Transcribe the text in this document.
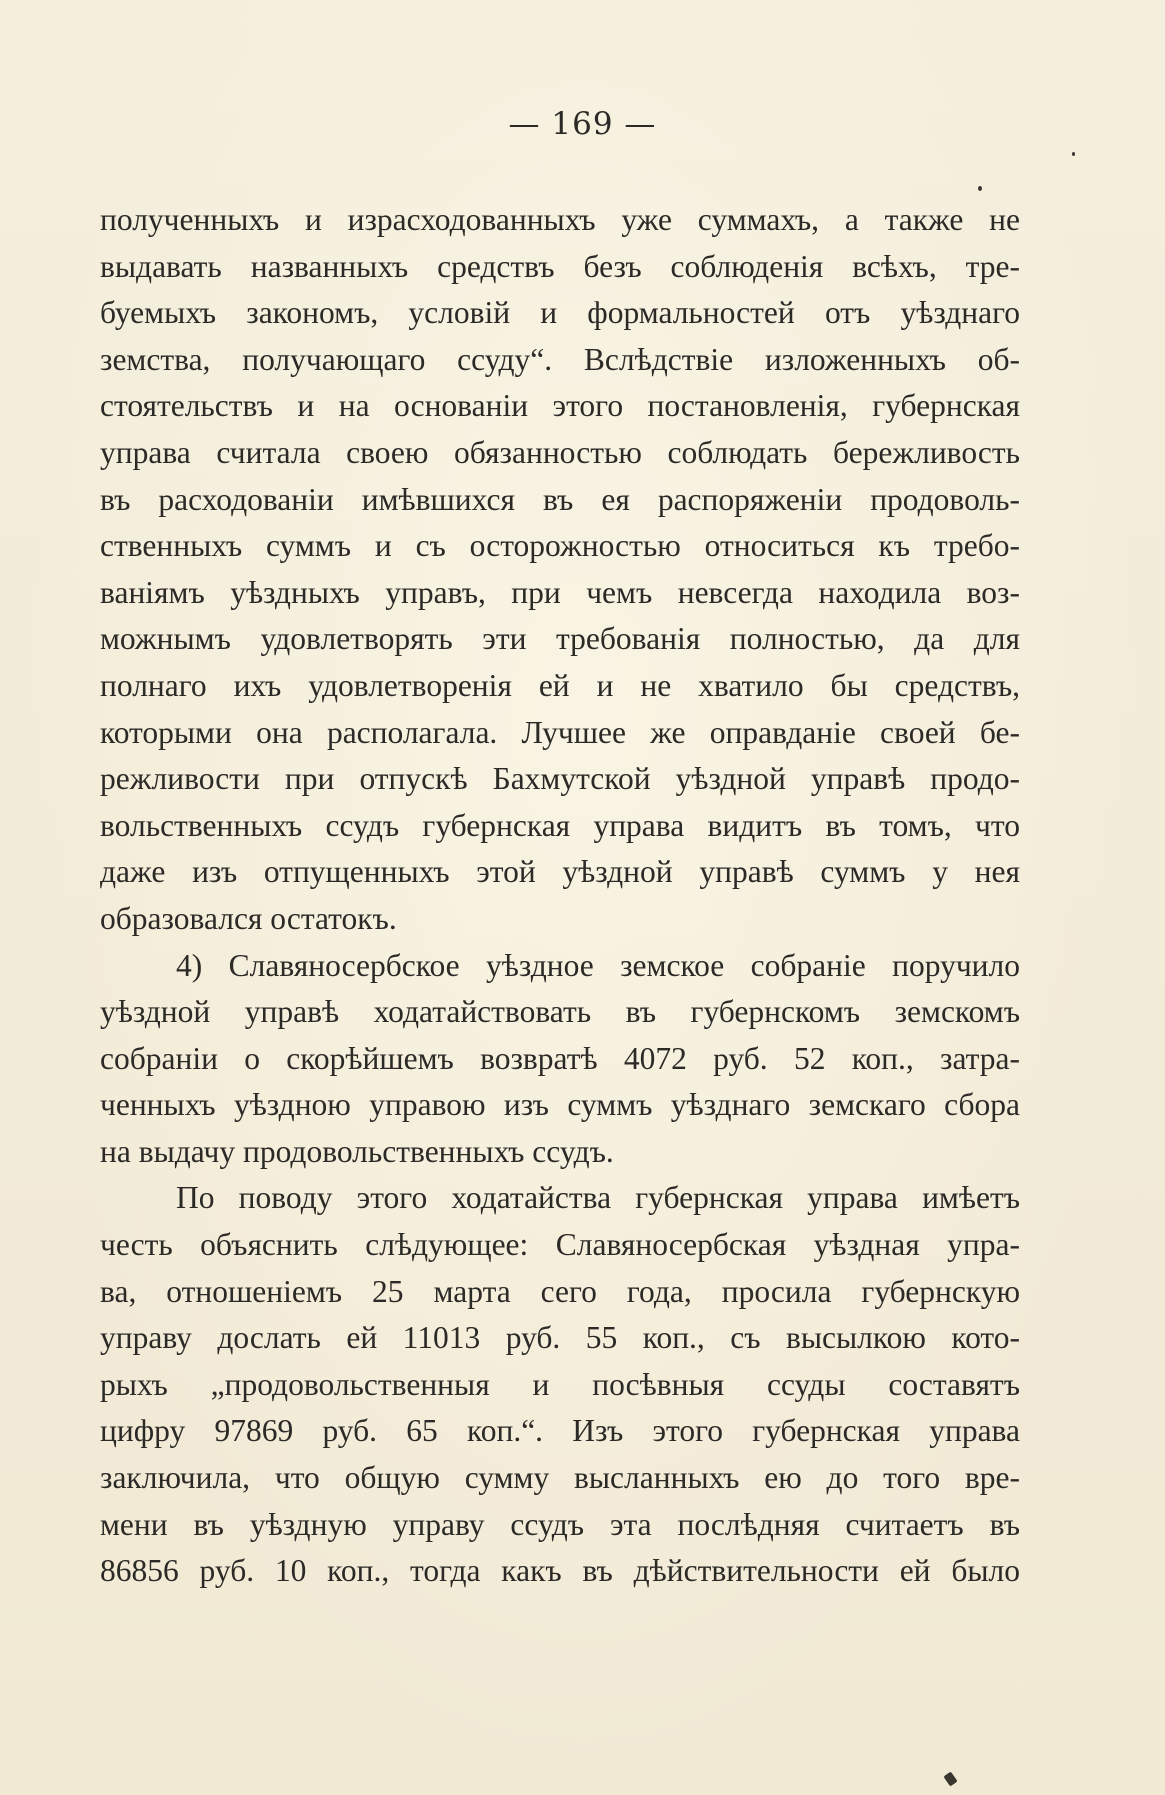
— 169 —
полученныхъ и израсходованныхъ уже суммахъ, а также не
выдавать названныхъ средствъ безъ соблюденія всѣхъ, тре-
буемыхъ закономъ, условій и формальностей отъ уѣзднаго
земства, получающаго ссуду“. Вслѣдствіе изложенныхъ об-
стоятельствъ и на основаніи этого постановленія, губернская
управа считала своею обязанностью соблюдать бережливость
въ расходованіи имѣвшихся въ ея распоряженіи продоволь-
ственныхъ суммъ и съ осторожностью относиться къ требо-
ваніямъ уѣздныхъ управъ, при чемъ невсегда находила воз-
можнымъ удовлетворять эти требованія полностью, да для
полнаго ихъ удовлетворенія ей и не хватило бы средствъ,
которыми она располагала. Лучшее же оправданіе своей бе-
режливости при отпускѣ Бахмутской уѣздной управѣ продо-
вольственныхъ ссудъ губернская управа видитъ въ томъ, что
даже изъ отпущенныхъ этой уѣздной управѣ суммъ у нея
образовался остатокъ.
4) Славяносербское уѣздное земское собраніе поручило
уѣздной управѣ ходатайствовать въ губернскомъ земскомъ
собраніи о скорѣйшемъ возвратѣ 4072 руб. 52 коп., затра-
ченныхъ уѣздною управою изъ суммъ уѣзднаго земскаго сбора
на выдачу продовольственныхъ ссудъ.
По поводу этого ходатайства губернская управа имѣетъ
честь объяснить слѣдующее: Славяносербская уѣздная упра-
ва, отношеніемъ 25 марта сего года, просила губернскую
управу дослать ей 11013 руб. 55 коп., съ высылкою кото-
рыхъ „продовольственныя и посѣвныя ссуды составятъ
цифру 97869 руб. 65 коп.“. Изъ этого губернская управа
заключила, что общую сумму высланныхъ ею до того вре-
мени въ уѣздную управу ссудъ эта послѣдняя считаетъ въ
86856 руб. 10 коп., тогда какъ въ дѣйствительности ей было
